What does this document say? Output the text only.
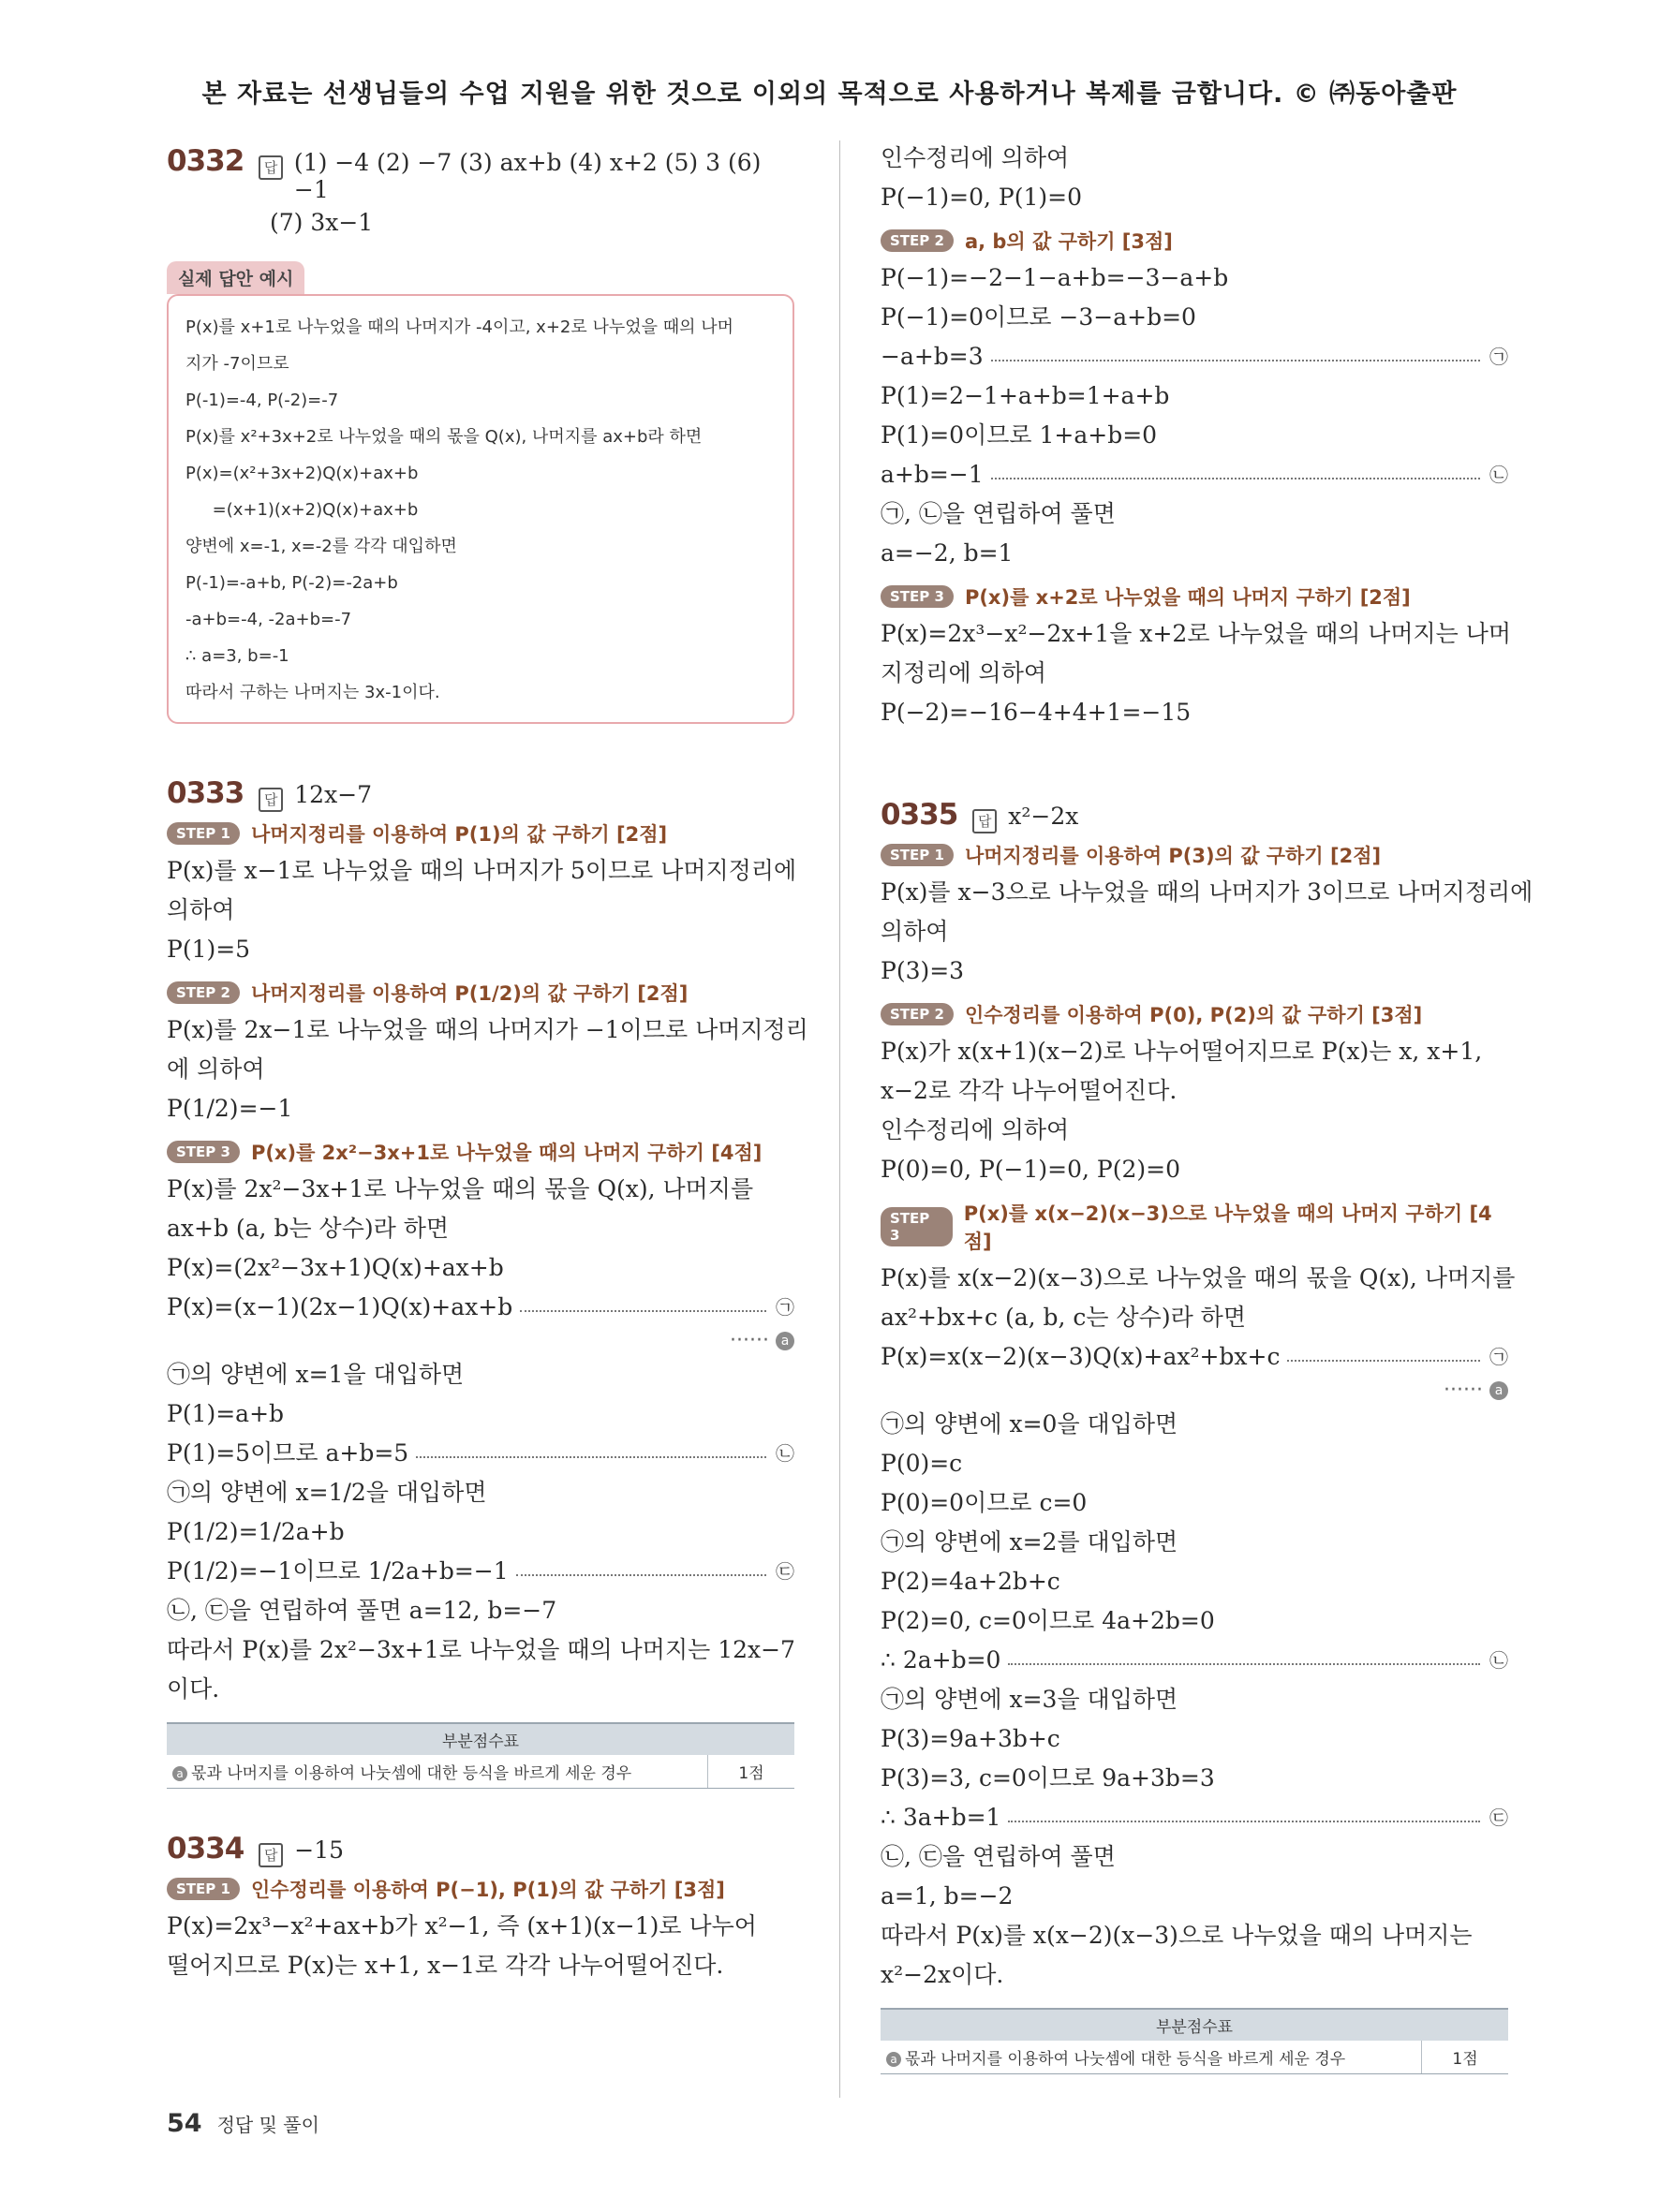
본 자료는 선생님들의 수업 지원을 위한 것으로 이외의 목적으로 사용하거나 복제를 금합니다. © ㈜동아출판
0332	답 (1) −4 (2) −7 (3) ax+b (4) x+2 (5) 3 (6) −1
(7) 3x−1
실제 답안 예시
P(x)를 x+1로 나누었을 때의 나머지가 -4이고, x+2로 나누었을 때의 나머
지가 -7이므로
P(-1)=-4, P(-2)=-7
P(x)를 x²+3x+2로 나누었을 때의 몫을 Q(x), 나머지를 ax+b라 하면
P(x)=(x²+3x+2)Q(x)+ax+b
=(x+1)(x+2)Q(x)+ax+b
양변에 x=-1, x=-2를 각각 대입하면
P(-1)=-a+b, P(-2)=-2a+b
-a+b=-4, -2a+b=-7
∴ a=3, b=-1
따라서 구하는 나머지는 3x-1이다.
0333	답 12x−7
STEP 1	나머지정리를 이용하여 P(1)의 값 구하기 [2점]
P(x)를 x−1로 나누었을 때의 나머지가 5이므로 나머지정리에
의하여
P(1)=5
STEP 2	나머지정리를 이용하여 P(1/2)의 값 구하기 [2점]
P(x)를 2x−1로 나누었을 때의 나머지가 −1이므로 나머지정리
에 의하여
P(1/2)=−1
STEP 3	P(x)를 2x²−3x+1로 나누었을 때의 나머지 구하기 [4점]
P(x)를 2x²−3x+1로 나누었을 때의 몫을 Q(x), 나머지를
ax+b (a, b는 상수)라 하면
P(x)=(2x²−3x+1)Q(x)+ax+b
P(x)=(x−1)(2x−1)Q(x)+ax+b	㉠
······ a
㉠의 양변에 x=1을 대입하면
P(1)=a+b
P(1)=5이므로 a+b=5	㉡
㉠의 양변에 x=1/2을 대입하면
P(1/2)=1/2a+b
P(1/2)=−1이므로 1/2a+b=−1	㉢
㉡, ㉢을 연립하여 풀면 a=12, b=−7
따라서 P(x)를 2x²−3x+1로 나누었을 때의 나머지는 12x−7
이다.
부분점수표
a 몫과 나머지를 이용하여 나눗셈에 대한 등식을 바르게 세운 경우	1점
0334	답 −15
STEP 1	인수정리를 이용하여 P(−1), P(1)의 값 구하기 [3점]
P(x)=2x³−x²+ax+b가 x²−1, 즉 (x+1)(x−1)로 나누어
떨어지므로 P(x)는 x+1, x−1로 각각 나누어떨어진다.
인수정리에 의하여
P(−1)=0, P(1)=0
STEP 2	a, b의 값 구하기 [3점]
P(−1)=−2−1−a+b=−3−a+b
P(−1)=0이므로 −3−a+b=0
−a+b=3	㉠
P(1)=2−1+a+b=1+a+b
P(1)=0이므로 1+a+b=0
a+b=−1	㉡
㉠, ㉡을 연립하여 풀면
a=−2, b=1
STEP 3	P(x)를 x+2로 나누었을 때의 나머지 구하기 [2점]
P(x)=2x³−x²−2x+1을 x+2로 나누었을 때의 나머지는 나머
지정리에 의하여
P(−2)=−16−4+4+1=−15
0335	답 x²−2x
STEP 1	나머지정리를 이용하여 P(3)의 값 구하기 [2점]
P(x)를 x−3으로 나누었을 때의 나머지가 3이므로 나머지정리에
의하여
P(3)=3
STEP 2	인수정리를 이용하여 P(0), P(2)의 값 구하기 [3점]
P(x)가 x(x+1)(x−2)로 나누어떨어지므로 P(x)는 x, x+1,
x−2로 각각 나누어떨어진다.
인수정리에 의하여
P(0)=0, P(−1)=0, P(2)=0
STEP 3
P(x)를 x(x−2)(x−3)으로 나누었을 때의 나머지 구하기 [4점]
P(x)를 x(x−2)(x−3)으로 나누었을 때의 몫을 Q(x), 나머지를
ax²+bx+c (a, b, c는 상수)라 하면
P(x)=x(x−2)(x−3)Q(x)+ax²+bx+c	㉠
······ a
㉠의 양변에 x=0을 대입하면
P(0)=c
P(0)=0이므로 c=0
㉠의 양변에 x=2를 대입하면
P(2)=4a+2b+c
P(2)=0, c=0이므로 4a+2b=0
∴ 2a+b=0	㉡
㉠의 양변에 x=3을 대입하면
P(3)=9a+3b+c
P(3)=3, c=0이므로 9a+3b=3
∴ 3a+b=1	㉢
㉡, ㉢을 연립하여 풀면
a=1, b=−2
따라서 P(x)를 x(x−2)(x−3)으로 나누었을 때의 나머지는
x²−2x이다.
부분점수표
a 몫과 나머지를 이용하여 나눗셈에 대한 등식을 바르게 세운 경우	1점
54 정답 및 풀이
